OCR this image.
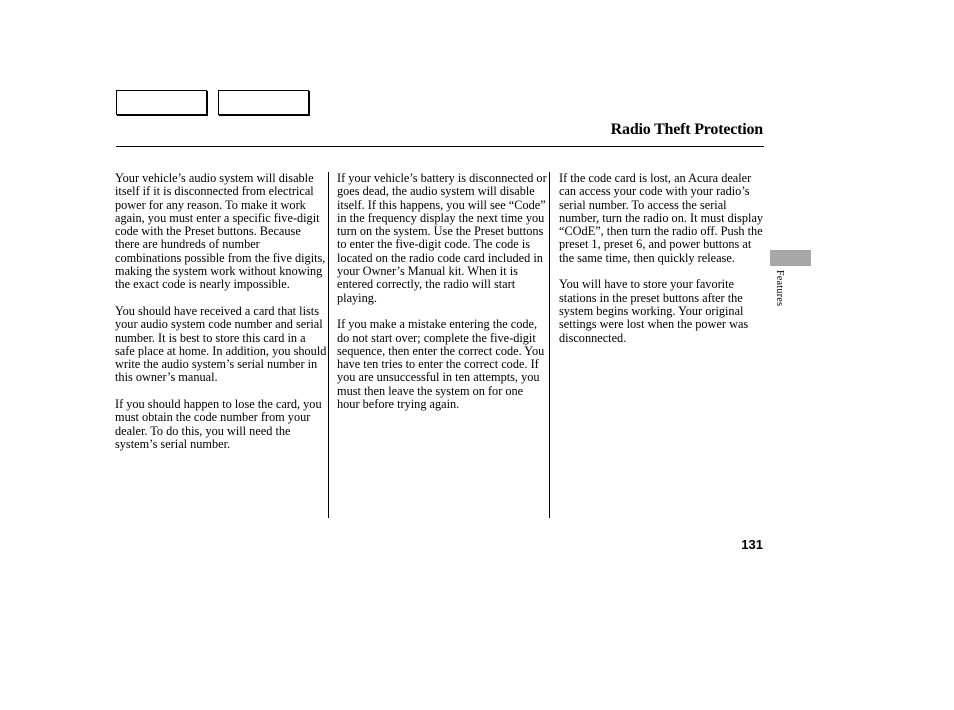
Radio Theft Protection

Your vehicle’s audio system will disable itself if it is disconnected from electrical power for any reason. To make it work again, you must enter a specific five-digit code with the Preset buttons. Because there are hundreds of number combinations possible from the five digits, making the system work without knowing the exact code is nearly impossible.

You should have received a card that lists your audio system code number and serial number. It is best to store this card in a safe place at home. In addition, you should write the audio system’s serial number in this owner’s manual.

If you should happen to lose the card, you must obtain the code number from your dealer. To do this, you will need the system’s serial number.

If your vehicle’s battery is disconnected or goes dead, the audio system will disable itself. If this happens, you will see “Code” in the frequency display the next time you turn on the system. Use the Preset buttons to enter the five-digit code. The code is located on the radio code card included in your Owner’s Manual kit. When it is entered correctly, the radio will start playing.

If you make a mistake entering the code, do not start over; complete the five-digit sequence, then enter the correct code. You have ten tries to enter the correct code. If you are unsuccessful in ten attempts, you must then leave the system on for one hour before trying again.

If the code card is lost, an Acura dealer can access your code with your radio’s serial number. To access the serial number, turn the radio on. It must display “COdE”, then turn the radio off. Push the preset 1, preset 6, and power buttons at the same time, then quickly release.

You will have to store your favorite stations in the preset buttons after the system begins working. Your original settings were lost when the power was disconnected.

Features
131
